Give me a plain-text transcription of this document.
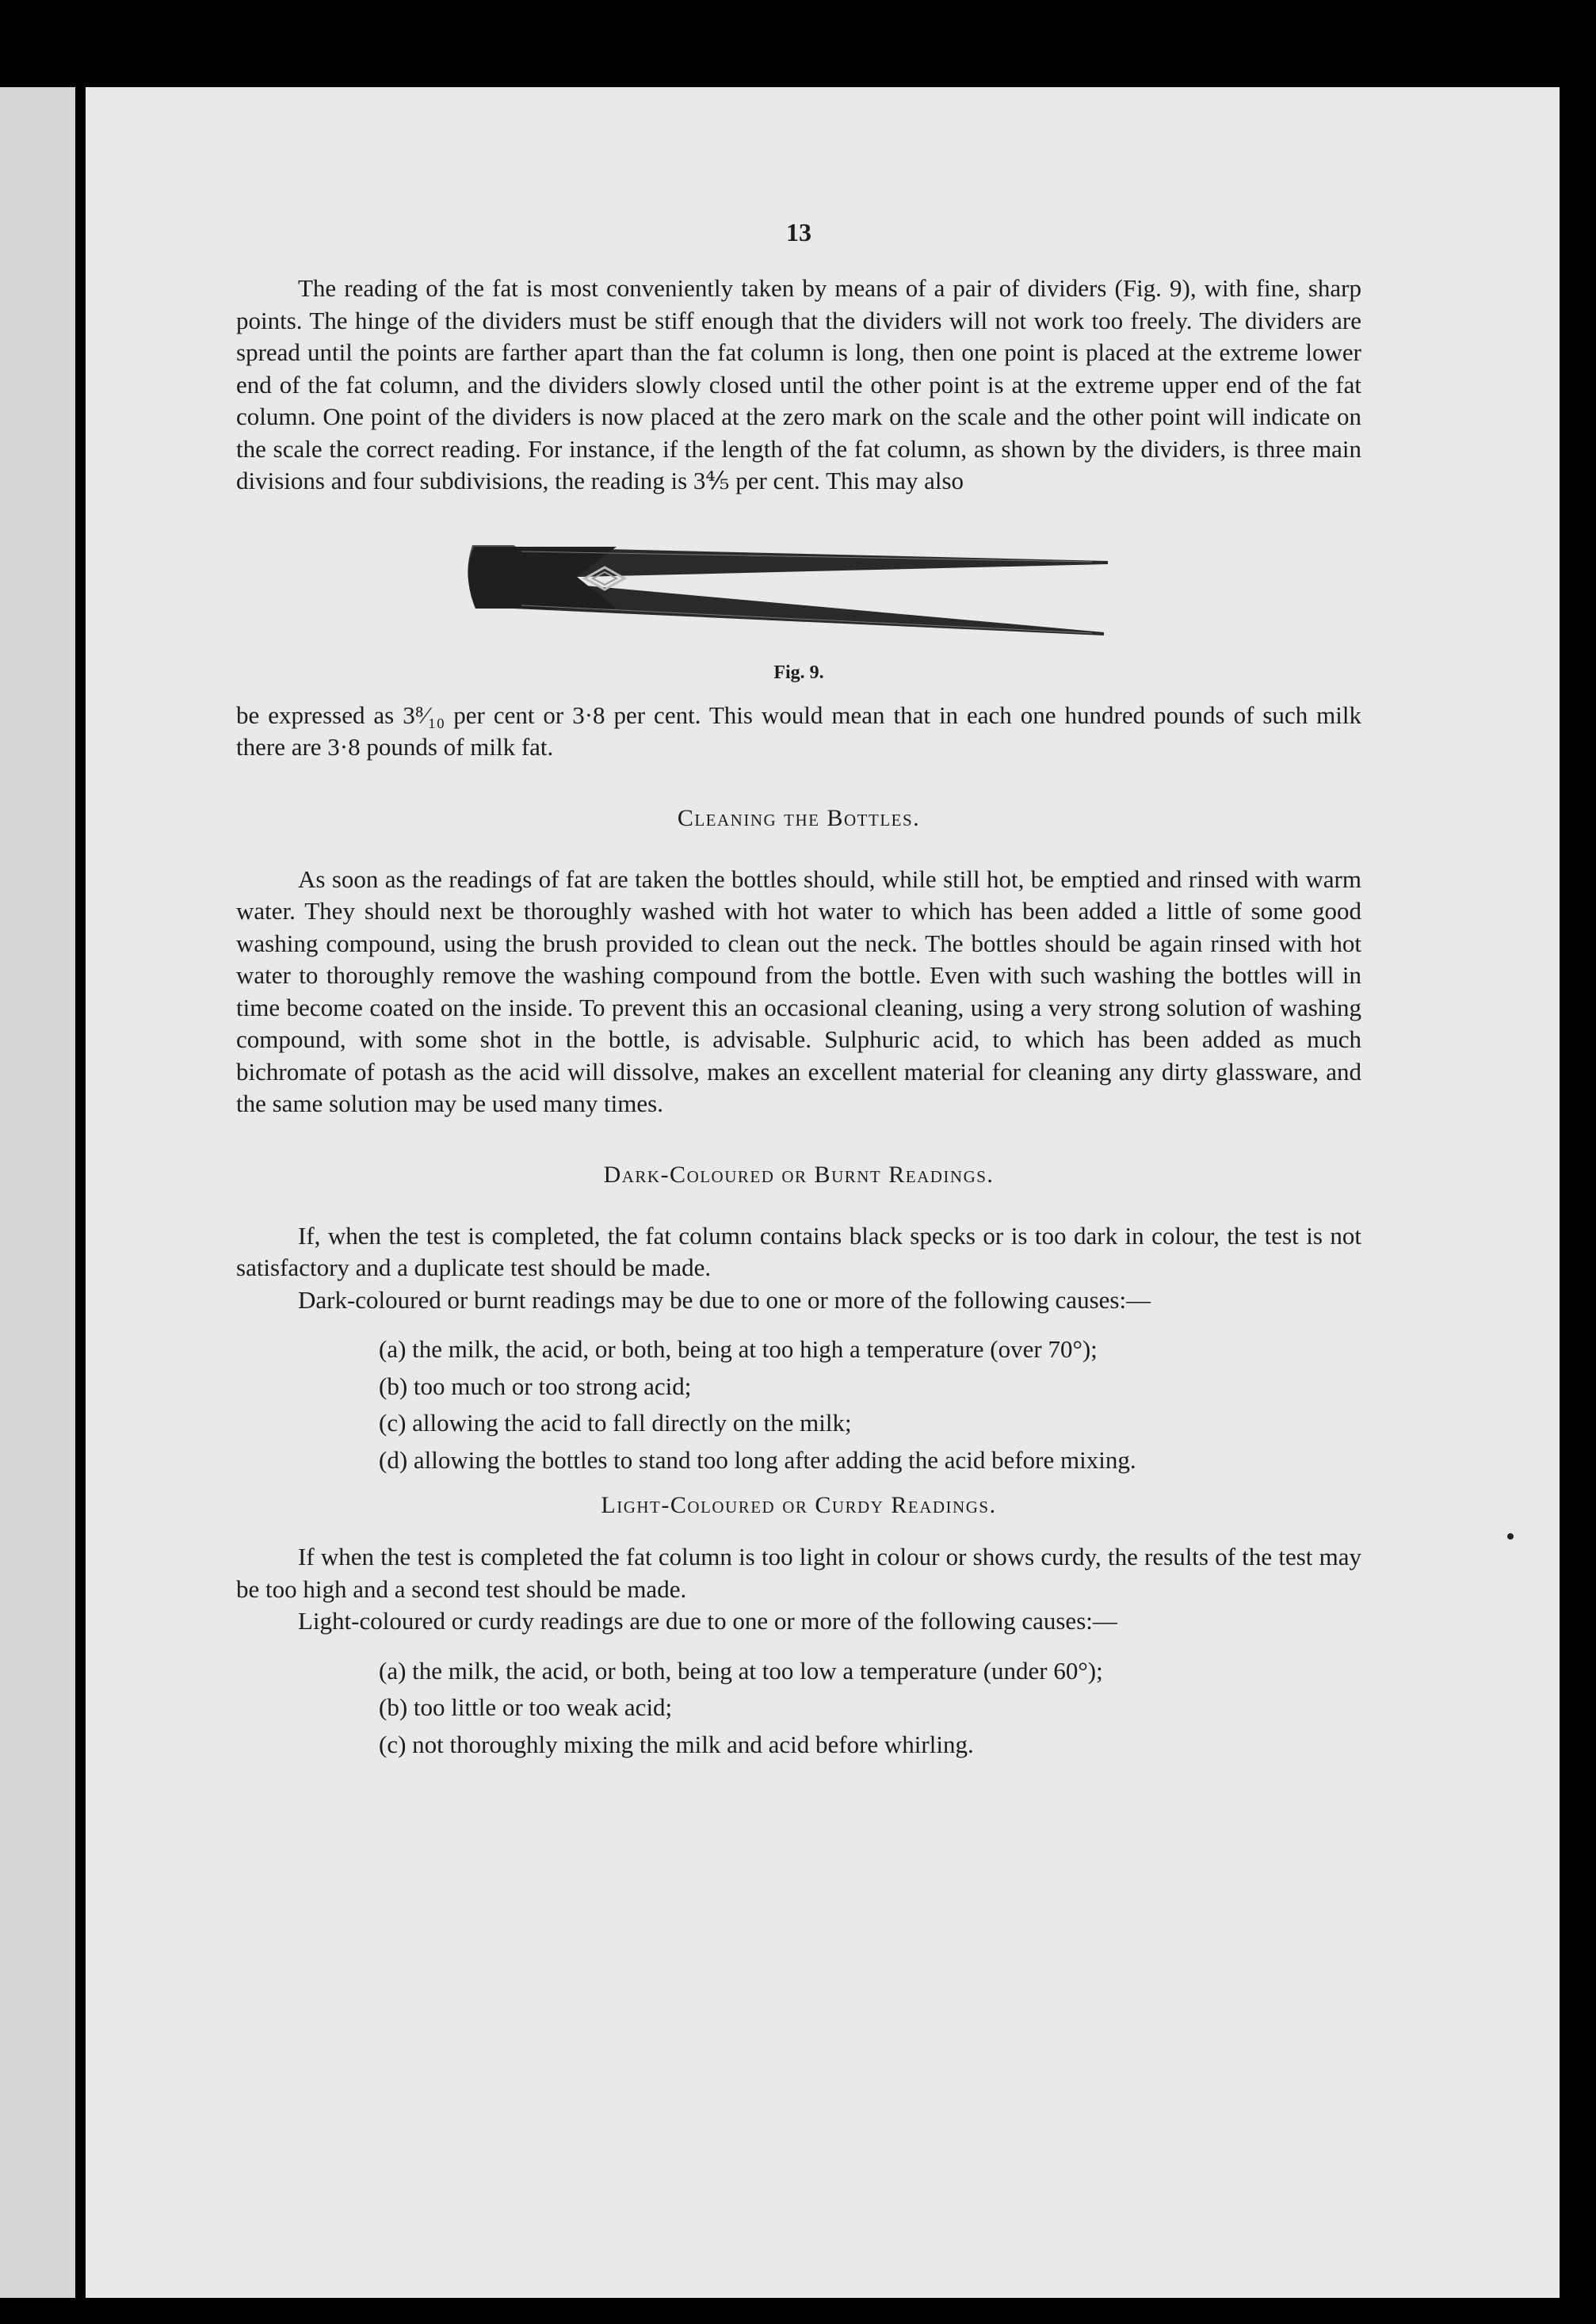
13

The reading of the fat is most conveniently taken by means of a pair of dividers (Fig. 9), with fine, sharp points. The hinge of the dividers must be stiff enough that the dividers will not work too freely. The dividers are spread until the points are farther apart than the fat column is long, then one point is placed at the extreme lower end of the fat column, and the dividers slowly closed until the other point is at the extreme upper end of the fat column. One point of the dividers is now placed at the zero mark on the scale and the other point will indicate on the scale the correct reading. For instance, if the length of the fat column, as shown by the dividers, is three main divisions and four subdivisions, the reading is 3⅘ per cent. This may also

Fig. 9.

be expressed as 3⁸⁄₁₀ per cent or 3·8 per cent. This would mean that in each one hundred pounds of such milk there are 3·8 pounds of milk fat.

Cleaning the Bottles.

As soon as the readings of fat are taken the bottles should, while still hot, be emptied and rinsed with warm water. They should next be thoroughly washed with hot water to which has been added a little of some good washing compound, using the brush provided to clean out the neck. The bottles should be again rinsed with hot water to thoroughly remove the washing compound from the bottle. Even with such washing the bottles will in time become coated on the inside. To prevent this an occasional cleaning, using a very strong solution of washing compound, with some shot in the bottle, is advisable. Sulphuric acid, to which has been added as much bichromate of potash as the acid will dissolve, makes an excellent material for cleaning any dirty glassware, and the same solution may be used many times.

Dark-Coloured or Burnt Readings.

If, when the test is completed, the fat column contains black specks or is too dark in colour, the test is not satisfactory and a duplicate test should be made.

Dark-coloured or burnt readings may be due to one or more of the following causes:—

(a) the milk, the acid, or both, being at too high a temperature (over 70°);

(b) too much or too strong acid;

(c) allowing the acid to fall directly on the milk;

(d) allowing the bottles to stand too long after adding the acid before mixing.

Light-Coloured or Curdy Readings.

If when the test is completed the fat column is too light in colour or shows curdy, the results of the test may be too high and a second test should be made.

Light-coloured or curdy readings are due to one or more of the following causes:—

(a) the milk, the acid, or both, being at too low a temperature (under 60°);

(b) too little or too weak acid;

(c) not thoroughly mixing the milk and acid before whirling.
